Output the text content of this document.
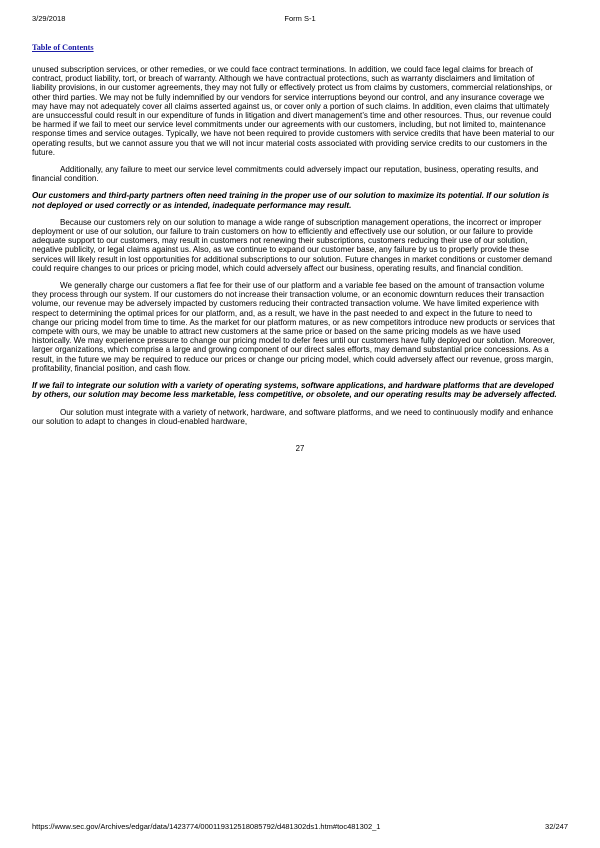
3/29/2018	Form S-1
Table of Contents

unused subscription services, or other remedies, or we could face contract terminations. In addition, we could face legal claims for breach of contract, product liability, tort, or breach of warranty. Although we have contractual protections, such as warranty disclaimers and limitation of liability provisions, in our customer agreements, they may not fully or effectively protect us from claims by customers, commercial relationships, or other third parties. We may not be fully indemnified by our vendors for service interruptions beyond our control, and any insurance coverage we may have may not adequately cover all claims asserted against us, or cover only a portion of such claims. In addition, even claims that ultimately are unsuccessful could result in our expenditure of funds in litigation and divert management’s time and other resources. Thus, our revenue could be harmed if we fail to meet our service level commitments under our agreements with our customers, including, but not limited to, maintenance response times and service outages. Typically, we have not been required to provide customers with service credits that have been material to our operating results, but we cannot assure you that we will not incur material costs associated with providing service credits to our customers in the future.

Additionally, any failure to meet our service level commitments could adversely impact our reputation, business, operating results, and financial condition.

Our customers and third-party partners often need training in the proper use of our solution to maximize its potential. If our solution is not deployed or used correctly or as intended, inadequate performance may result.

Because our customers rely on our solution to manage a wide range of subscription management operations, the incorrect or improper deployment or use of our solution, our failure to train customers on how to efficiently and effectively use our solution, or our failure to provide adequate support to our customers, may result in customers not renewing their subscriptions, customers reducing their use of our solution, negative publicity, or legal claims against us. Also, as we continue to expand our customer base, any failure by us to properly provide these services will likely result in lost opportunities for additional subscriptions to our solution. Future changes in market conditions or customer demand could require changes to our prices or pricing model, which could adversely affect our business, operating results, and financial condition.

We generally charge our customers a flat fee for their use of our platform and a variable fee based on the amount of transaction volume they process through our system. If our customers do not increase their transaction volume, or an economic downturn reduces their transaction volume, our revenue may be adversely impacted by customers reducing their contracted transaction volume. We have limited experience with respect to determining the optimal prices for our platform, and, as a result, we have in the past needed to and expect in the future to need to change our pricing model from time to time. As the market for our platform matures, or as new competitors introduce new products or services that compete with ours, we may be unable to attract new customers at the same price or based on the same pricing models as we have used historically. We may experience pressure to change our pricing model to defer fees until our customers have fully deployed our solution. Moreover, larger organizations, which comprise a large and growing component of our direct sales efforts, may demand substantial price concessions. As a result, in the future we may be required to reduce our prices or change our pricing model, which could adversely affect our revenue, gross margin, profitability, financial position, and cash flow.

If we fail to integrate our solution with a variety of operating systems, software applications, and hardware platforms that are developed by others, our solution may become less marketable, less competitive, or obsolete, and our operating results may be adversely affected.

Our solution must integrate with a variety of network, hardware, and software platforms, and we need to continuously modify and enhance our solution to adapt to changes in cloud-enabled hardware,

27
https://www.sec.gov/Archives/edgar/data/1423774/000119312518085792/d481302ds1.htm#toc481302_1	32/247
